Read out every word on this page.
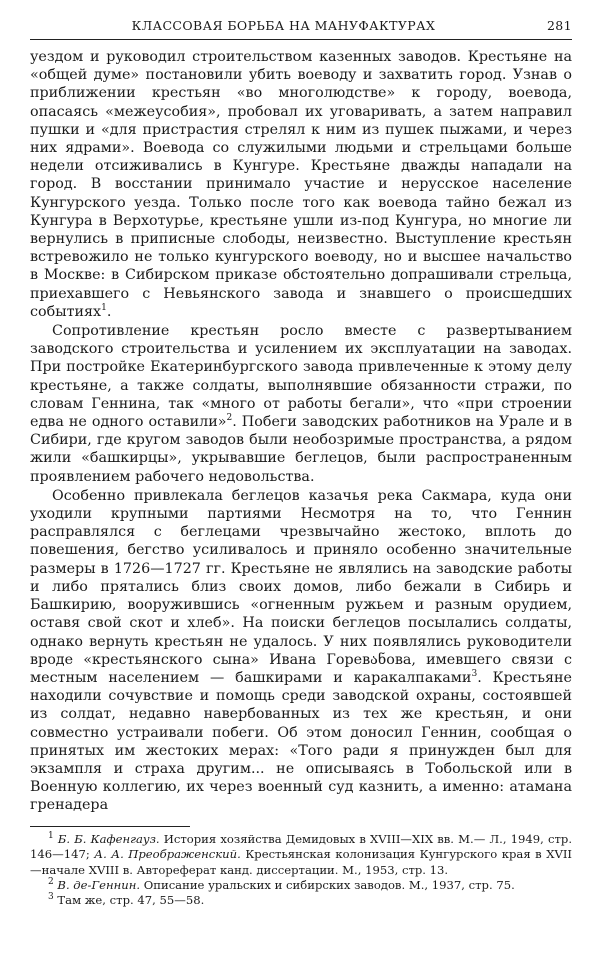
КЛАССОВАЯ БОРЬБА НА МАНУФАКТУРАХ	281

уездом и руководил строительством казенных заводов. Крестьяне на «общей думе» постановили убить воеводу и захватить город. Узнав о приближении крестьян «во многолюдстве» к городу, воевода, опасаясь «межеусобия», пробовал их уговаривать, а затем направил пушки и «для пристрастия стрелял к ним из пушек пыжами, и через них ядрами». Воевода со служилыми людьми и стрельцами больше недели отсиживались в Кунгуре. Крестьяне дважды нападали на город. В восстании принимало участие и нерусское население Кунгурского уезда. Только после того как воевода тайно бежал из Кунгура в Верхотурье, крестьяне ушли из-под Кунгура, но многие ли вернулись в приписные слободы, неизвестно. Выступление крестьян встревожило не только кунгурского воеводу, но и высшее начальство в Москве: в Сибирском приказе обстоятельно допрашивали стрельца, приехавшего с Невьянского завода и знавшего о происшедших событиях$^1$.

Сопротивление крестьян росло вместе с развертыванием заводского строительства и усилением их эксплуатации на заводах. При постройке Екатеринбургского завода привлеченные к этому делу крестьяне, а также солдаты, выполнявшие обязанности стражи, по словам Геннина, так «много от работы бегали», что «при строении едва не одного оставили»$^2$. Побеги заводских работников на Урале и в Сибири, где кругом заводов были необозримые пространства, а рядом жили «башкирцы», укрывавшие беглецов, были распространенным проявлением рабочего недовольства.

Особенно привлекала беглецов казачья река Сакмара, куда они уходили крупными партиями Несмотря на то, что Геннин расправлялся с беглецами чрезвычайно жестоко, вплоть до повешения, бегство усиливалось и приняло особенно значительные размеры в 1726—1727 гг. Крестьяне не являлись на заводские работы и либо прятались близ своих домов, либо бежали в Сибирь и Башкирию, вооружившись «огненным ружьем и разным орудием, оставя свой скот и хлеб». На поиски беглецов посылались солдаты, однако вернуть крестьян не удалось. У них появлялись руководители вроде «крестьянского сына» Ивана Горевანова, имевшего связи с местным населением — башкирами и каракалпаками$^3$. Крестьяне находили сочувствие и помощь среди заводской охраны, состоявшей из солдат, недавно навербованных из тех же крестьян, и они совместно устраивали побеги. Об этом доносил Геннин, сообщая о принятых им жестоких мерах: «Того ради я принужден был для экзампля и страха другим... не описываясь в Тобольской или в Военную коллегию, их через военный суд казнить, а именно: атамана гренадера

$^1$ Б. Б. Кафенгауз. История хозяйства Демидовых в XVIII—XIX вв. М.— Л., 1949, стр. 146—147; А. А. Преображенский. Крестьянская колонизация Кунгурского края в XVII—начале XVIII в. Автореферат канд. диссертации. М., 1953, стр. 13.

$^2$ В. де-Геннин. Описание уральских и сибирских заводов. М., 1937, стр. 75.

$^3$ Там же, стр. 47, 55—58.
